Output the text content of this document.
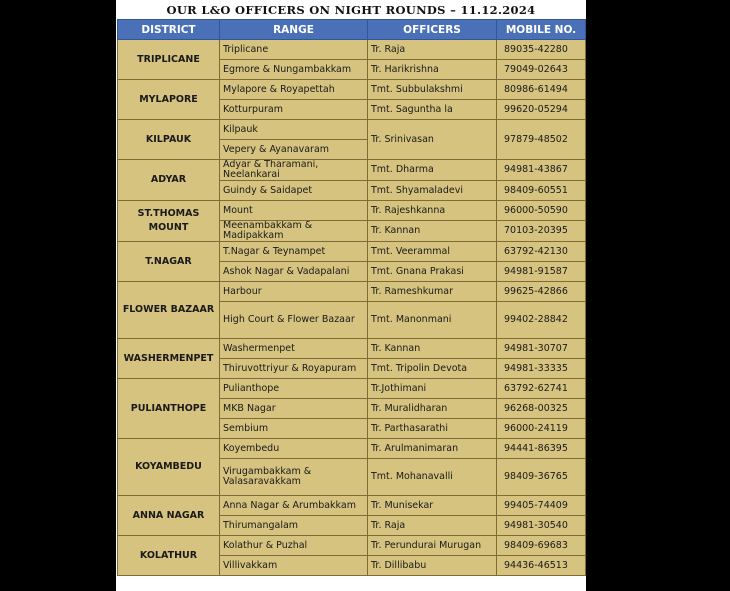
OUR L&O OFFICERS ON NIGHT ROUNDS – 11.12.2024
DISTRICT	RANGE	OFFICERS	MOBILE NO.
TRIPLICANE	Triplicane	Tr. Raja	89035-42280
	Egmore & Nungambakkam	Tr. Harikrishna	79049-02643
MYLAPORE	Mylapore & Royapettah	Tmt. Subbulakshmi	80986-61494
	Kotturpuram	Tmt. Saguntha la	99620-05294
KILPAUK	Kilpauk	Tr. Srinivasan	97879-48502
	Vepery & Ayanavaram		
ADYAR	Adyar & Tharamani, Neelankarai	Tmt. Dharma	94981-43867
	Guindy & Saidapet	Tmt. Shyamaladevi	98409-60551
ST.THOMAS MOUNT	Mount	Tr. Rajeshkanna	96000-50590
	Meenambakkam & Madipakkam	Tr. Kannan	70103-20395
T.NAGAR	T.Nagar & Teynampet	Tmt. Veerammal	63792-42130
	Ashok Nagar & Vadapalani	Tmt. Gnana Prakasi	94981-91587
FLOWER BAZAAR	Harbour	Tr. Rameshkumar	99625-42866
	High Court & Flower Bazaar	Tmt. Manonmani	99402-28842
WASHERMENPET	Washermenpet	Tr. Kannan	94981-30707
	Thiruvottriyur & Royapuram	Tmt. Tripolin Devota	94981-33335
PULIANTHOPE	Pulianthope	Tr.Jothimani	63792-62741
	MKB Nagar	Tr. Muralidharan	96268-00325
	Sembium	Tr. Parthasarathi	96000-24119
KOYAMBEDU	Koyembedu	Tr. Arulmanimaran	94441-86395
	Virugambakkam & Valasaravakkam	Tmt. Mohanavalli	98409-36765
ANNA NAGAR	Anna Nagar & Arumbakkam	Tr. Munisekar	99405-74409
	Thirumangalam	Tr. Raja	94981-30540
KOLATHUR	Kolathur & Puzhal	Tr. Perundurai Murugan	98409-69683
	Villivakkam	Tr. Dillibabu	94436-46513
